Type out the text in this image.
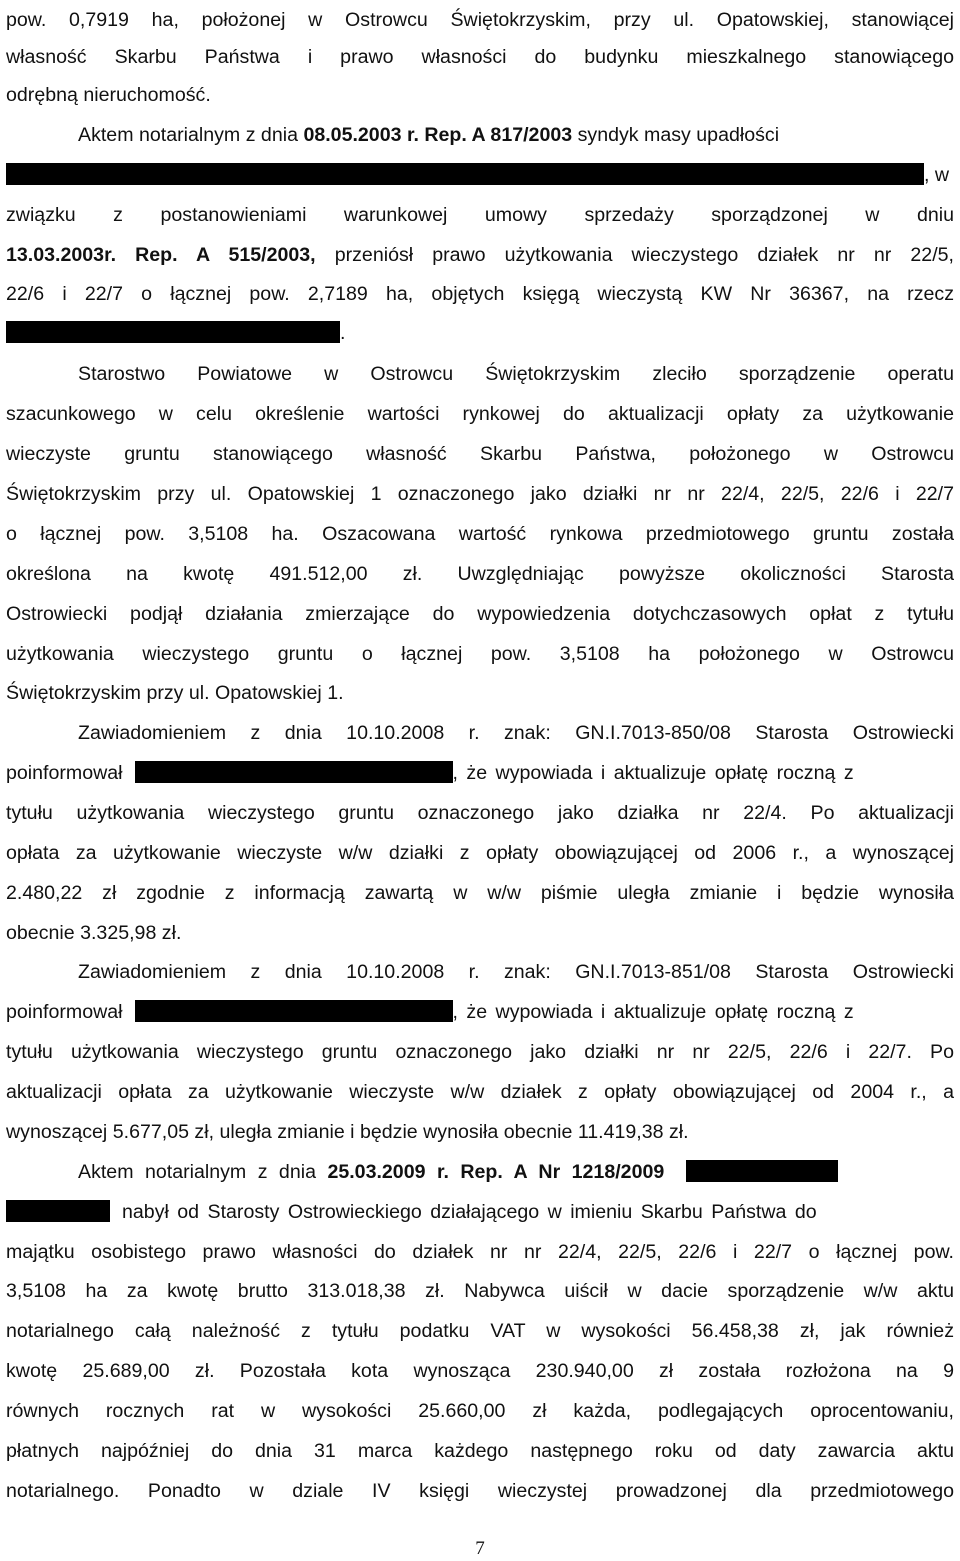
pow. 0,7919 ha, położonej w Ostrowcu Świętokrzyskim, przy ul. Opatowskiej, stanowiącej
własność Skarbu Państwa i prawo własności do budynku mieszkalnego stanowiącego
odrębną nieruchomość.
Aktem notarialnym z dnia 08.05.2003 r. Rep. A 817/2003 syndyk masy upadłości
, w
związku z postanowieniami warunkowej umowy sprzedaży sporządzonej w dniu
13.03.2003r. Rep. A 515/2003, przeniósł prawo użytkowania wieczystego działek nr nr 22/5,
22/6 i 22/7 o łącznej pow. 2,7189 ha, objętych księgą wieczystą KW Nr 36367, na rzecz
.
Starostwo Powiatowe w Ostrowcu Świętokrzyskim zleciło sporządzenie operatu
szacunkowego w celu określenie wartości rynkowej do aktualizacji opłaty za użytkowanie
wieczyste gruntu stanowiącego własność Skarbu Państwa, położonego w Ostrowcu
Świętokrzyskim przy ul. Opatowskiej 1 oznaczonego jako działki nr nr 22/4, 22/5, 22/6 i 22/7
o łącznej pow. 3,5108 ha. Oszacowana wartość rynkowa przedmiotowego gruntu została
określona na kwotę 491.512,00 zł. Uwzględniając powyższe okoliczności Starosta
Ostrowiecki podjął działania zmierzające do wypowiedzenia dotychczasowych opłat z tytułu
użytkowania wieczystego gruntu o łącznej pow. 3,5108 ha położonego w Ostrowcu
Świętokrzyskim przy ul. Opatowskiej 1.
Zawiadomieniem z dnia 10.10.2008 r. znak: GN.I.7013-850/08 Starosta Ostrowiecki
poinformował	, że wypowiada i aktualizuje opłatę roczną z
tytułu użytkowania wieczystego gruntu oznaczonego jako działka nr 22/4. Po aktualizacji
opłata za użytkowanie wieczyste w/w działki z opłaty obowiązującej od 2006 r., a wynoszącej
2.480,22 zł zgodnie z informacją zawartą w w/w piśmie uległa zmianie i będzie wynosiła
obecnie 3.325,98 zł.
Zawiadomieniem z dnia 10.10.2008 r. znak: GN.I.7013-851/08 Starosta Ostrowiecki
poinformował	, że wypowiada i aktualizuje opłatę roczną z
tytułu użytkowania wieczystego gruntu oznaczonego jako działki nr nr 22/5, 22/6 i 22/7. Po
aktualizacji opłata za użytkowanie wieczyste w/w działek z opłaty obowiązującej od 2004 r., a
wynoszącej 5.677,05 zł, uległa zmianie i będzie wynosiła obecnie 11.419,38 zł.
Aktem notarialnym z dnia 25.03.2009 r. Rep. A Nr 1218/2009
nabył od Starosty Ostrowieckiego działającego w imieniu Skarbu Państwa do
majątku osobistego prawo własności do działek nr nr 22/4, 22/5, 22/6 i 22/7 o łącznej pow.
3,5108 ha za kwotę brutto 313.018,38 zł. Nabywca uiścił w dacie sporządzenie w/w aktu
notarialnego całą należność z tytułu podatku VAT w wysokości 56.458,38 zł, jak również
kwotę 25.689,00 zł. Pozostała kota wynosząca 230.940,00 zł została rozłożona na 9
równych rocznych rat w wysokości 25.660,00 zł każda, podlegających oprocentowaniu,
płatnych najpóźniej do dnia 31 marca każdego następnego roku od daty zawarcia aktu
notarialnego. Ponadto w dziale IV księgi wieczystej prowadzonej dla przedmiotowego
7
